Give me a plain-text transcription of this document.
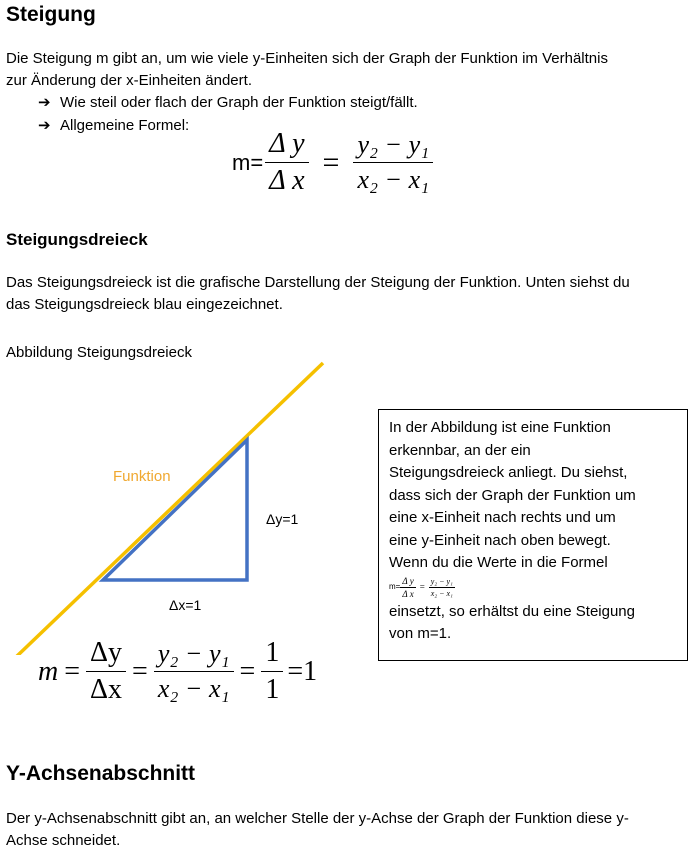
Steigung
Die Steigung m gibt an, um wie viele y-Einheiten sich der Graph der Funktion im Verhältnis
zur Änderung der x-Einheiten ändert.
➔ Wie steil oder flach der Graph der Funktion steigt/fällt.
➔ Allgemeine Formel:
$m= \frac{\text{Δ y}}{\text{Δ x}} = \frac{\text{y₂ − y₁}}{\text{x₂ − x₁}}$
Steigungsdreieck
Das Steigungsdreieck ist die grafische Darstellung der Steigung der Funktion. Unten siehst du
das Steigungsdreieck blau eingezeichnet.
Abbildung Steigungsdreieck
Funktion
Δy=1
Δx=1
$m = \frac{\Delta y}{\Delta x} = \frac{\text{y₂ − y₁}}{\text{x₂ − x₁}} = \frac{1}{1} =1$
In der Abbildung ist eine Funktion
erkennbar, an der ein
Steigungsdreieck anliegt. Du siehst,
dass sich der Graph der Funktion um
eine x-Einheit nach rechts und um
eine y-Einheit nach oben bewegt.
Wenn du die Werte in die Formel
$m= \frac{\text{Δ y}}{\text{Δ x}} = \frac{\text{y₂ − y₁}}{\text{x₂ − x₁}}$
einsetzt, so erhältst du eine Steigung
von m=1.
Y-Achsenabschnitt
Der y-Achsenabschnitt gibt an, an welcher Stelle der y-Achse der Graph der Funktion diese y-
Achse schneidet.
